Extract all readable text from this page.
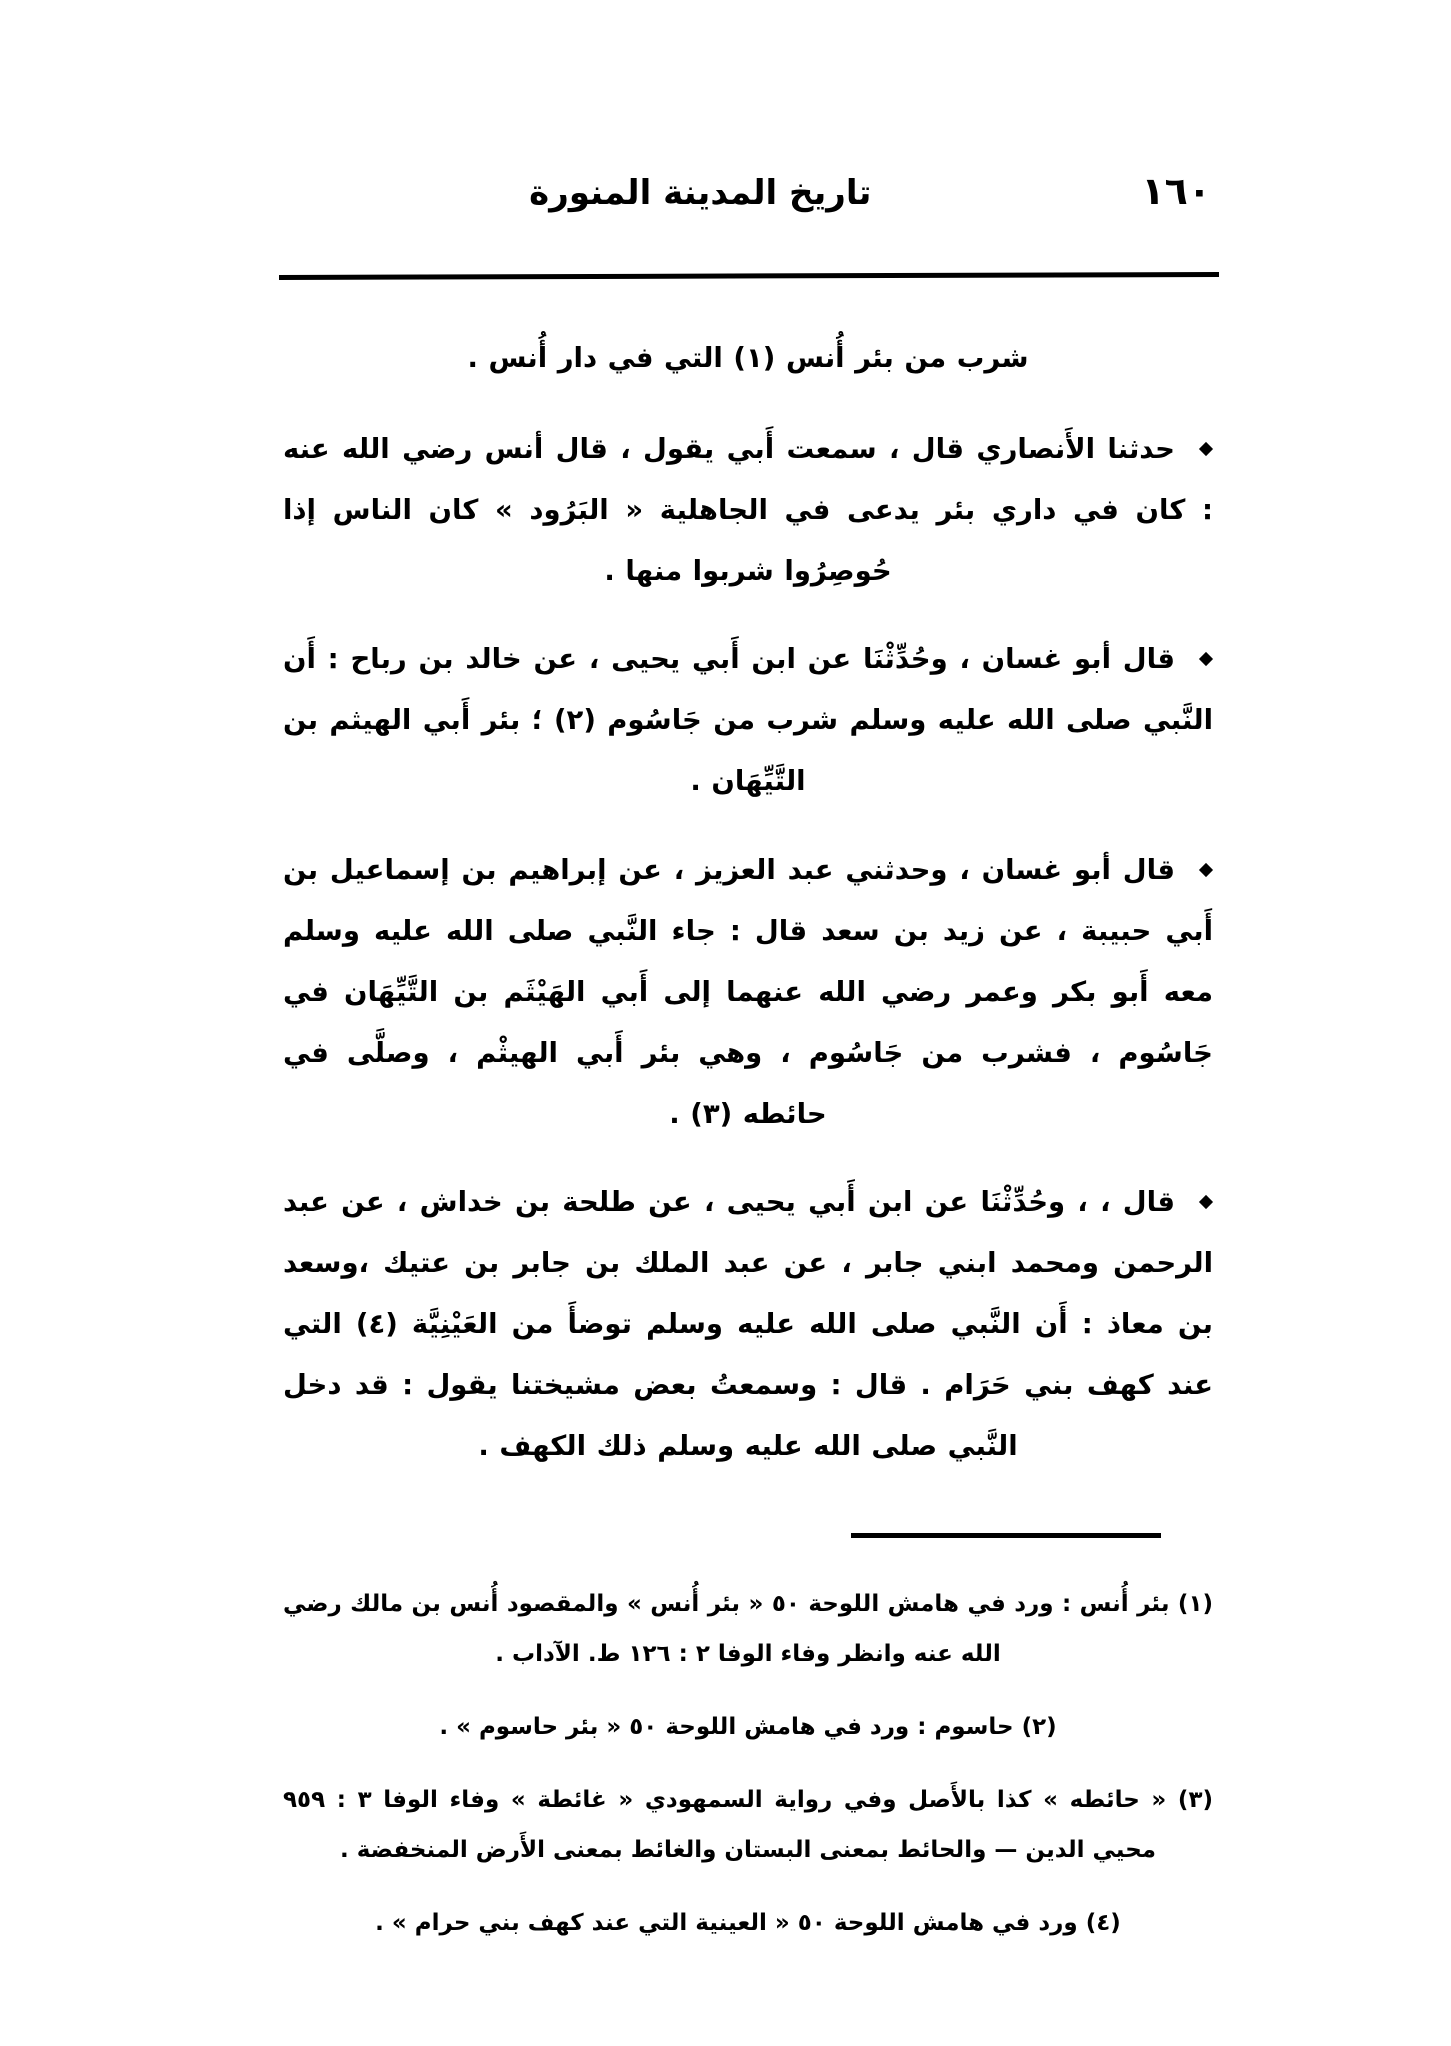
١٦٠
تاريخ المدينة المنورة

شرب من بئر أُنس (١) التي في دار أُنس .

حدثنا الأَنصاري قال ، سمعت أَبي يقول ، قال أنس رضي الله عنه : كان في داري بئر يدعى في الجاهلية « البَرُود » كان الناس إذا حُوصِرُوا شربوا منها .

قال أبو غسان ، وحُدِّثْنَا عن ابن أَبي يحيى ، عن خالد بن رباح : أَن النَّبي صلى الله عليه وسلم شرب من جَاسُوم (٢) ؛ بئر أَبي الهيثم بن التَّيِّهَان .

قال أبو غسان ، وحدثني عبد العزيز ، عن إبراهيم بن إسماعيل بن أَبي حبيبة ، عن زيد بن سعد قال : جاء النَّبي صلى الله عليه وسلم معه أَبو بكر وعمر رضي الله عنهما إلى أَبي الهَيْثَم بن التَّيِّهَان في جَاسُوم ، فشرب من جَاسُوم ، وهي بئر أَبي الهيثْم ، وصلَّى في حائطه (٣) .

قال ، ، وحُدِّثْنَا عن ابن أَبي يحيى ، عن طلحة بن خداش ، عن عبد الرحمن ومحمد ابني جابر ، عن عبد الملك بن جابر بن عتيك ،وسعد بن معاذ : أَن النَّبي صلى الله عليه وسلم توضأَ من العَيْنِيَّة (٤) التي عند كهف بني حَرَام . قال : وسمعتُ بعض مشيختنا يقول : قد دخل النَّبي صلى الله عليه وسلم ذلك الكهف .

(١) بئر أُنس : ورد في هامش اللوحة ٥٠ « بئر أُنس » والمقصود أُنس بن مالك رضي الله عنه وانظر وفاء الوفا ٢ : ١٢٦ ط. الآداب .

(٢) حاسوم : ورد في هامش اللوحة ٥٠ « بئر حاسوم » .

(٣) « حائطه » كذا بالأَصل وفي رواية السمهودي « غائطة » وفاء الوفا ٣ : ٩٥٩ محيي الدين — والحائط بمعنى البستان والغائط بمعنى الأَرض المنخفضة .

(٤) ورد في هامش اللوحة ٥٠ « العينية التي عند كهف بني حرام » .
